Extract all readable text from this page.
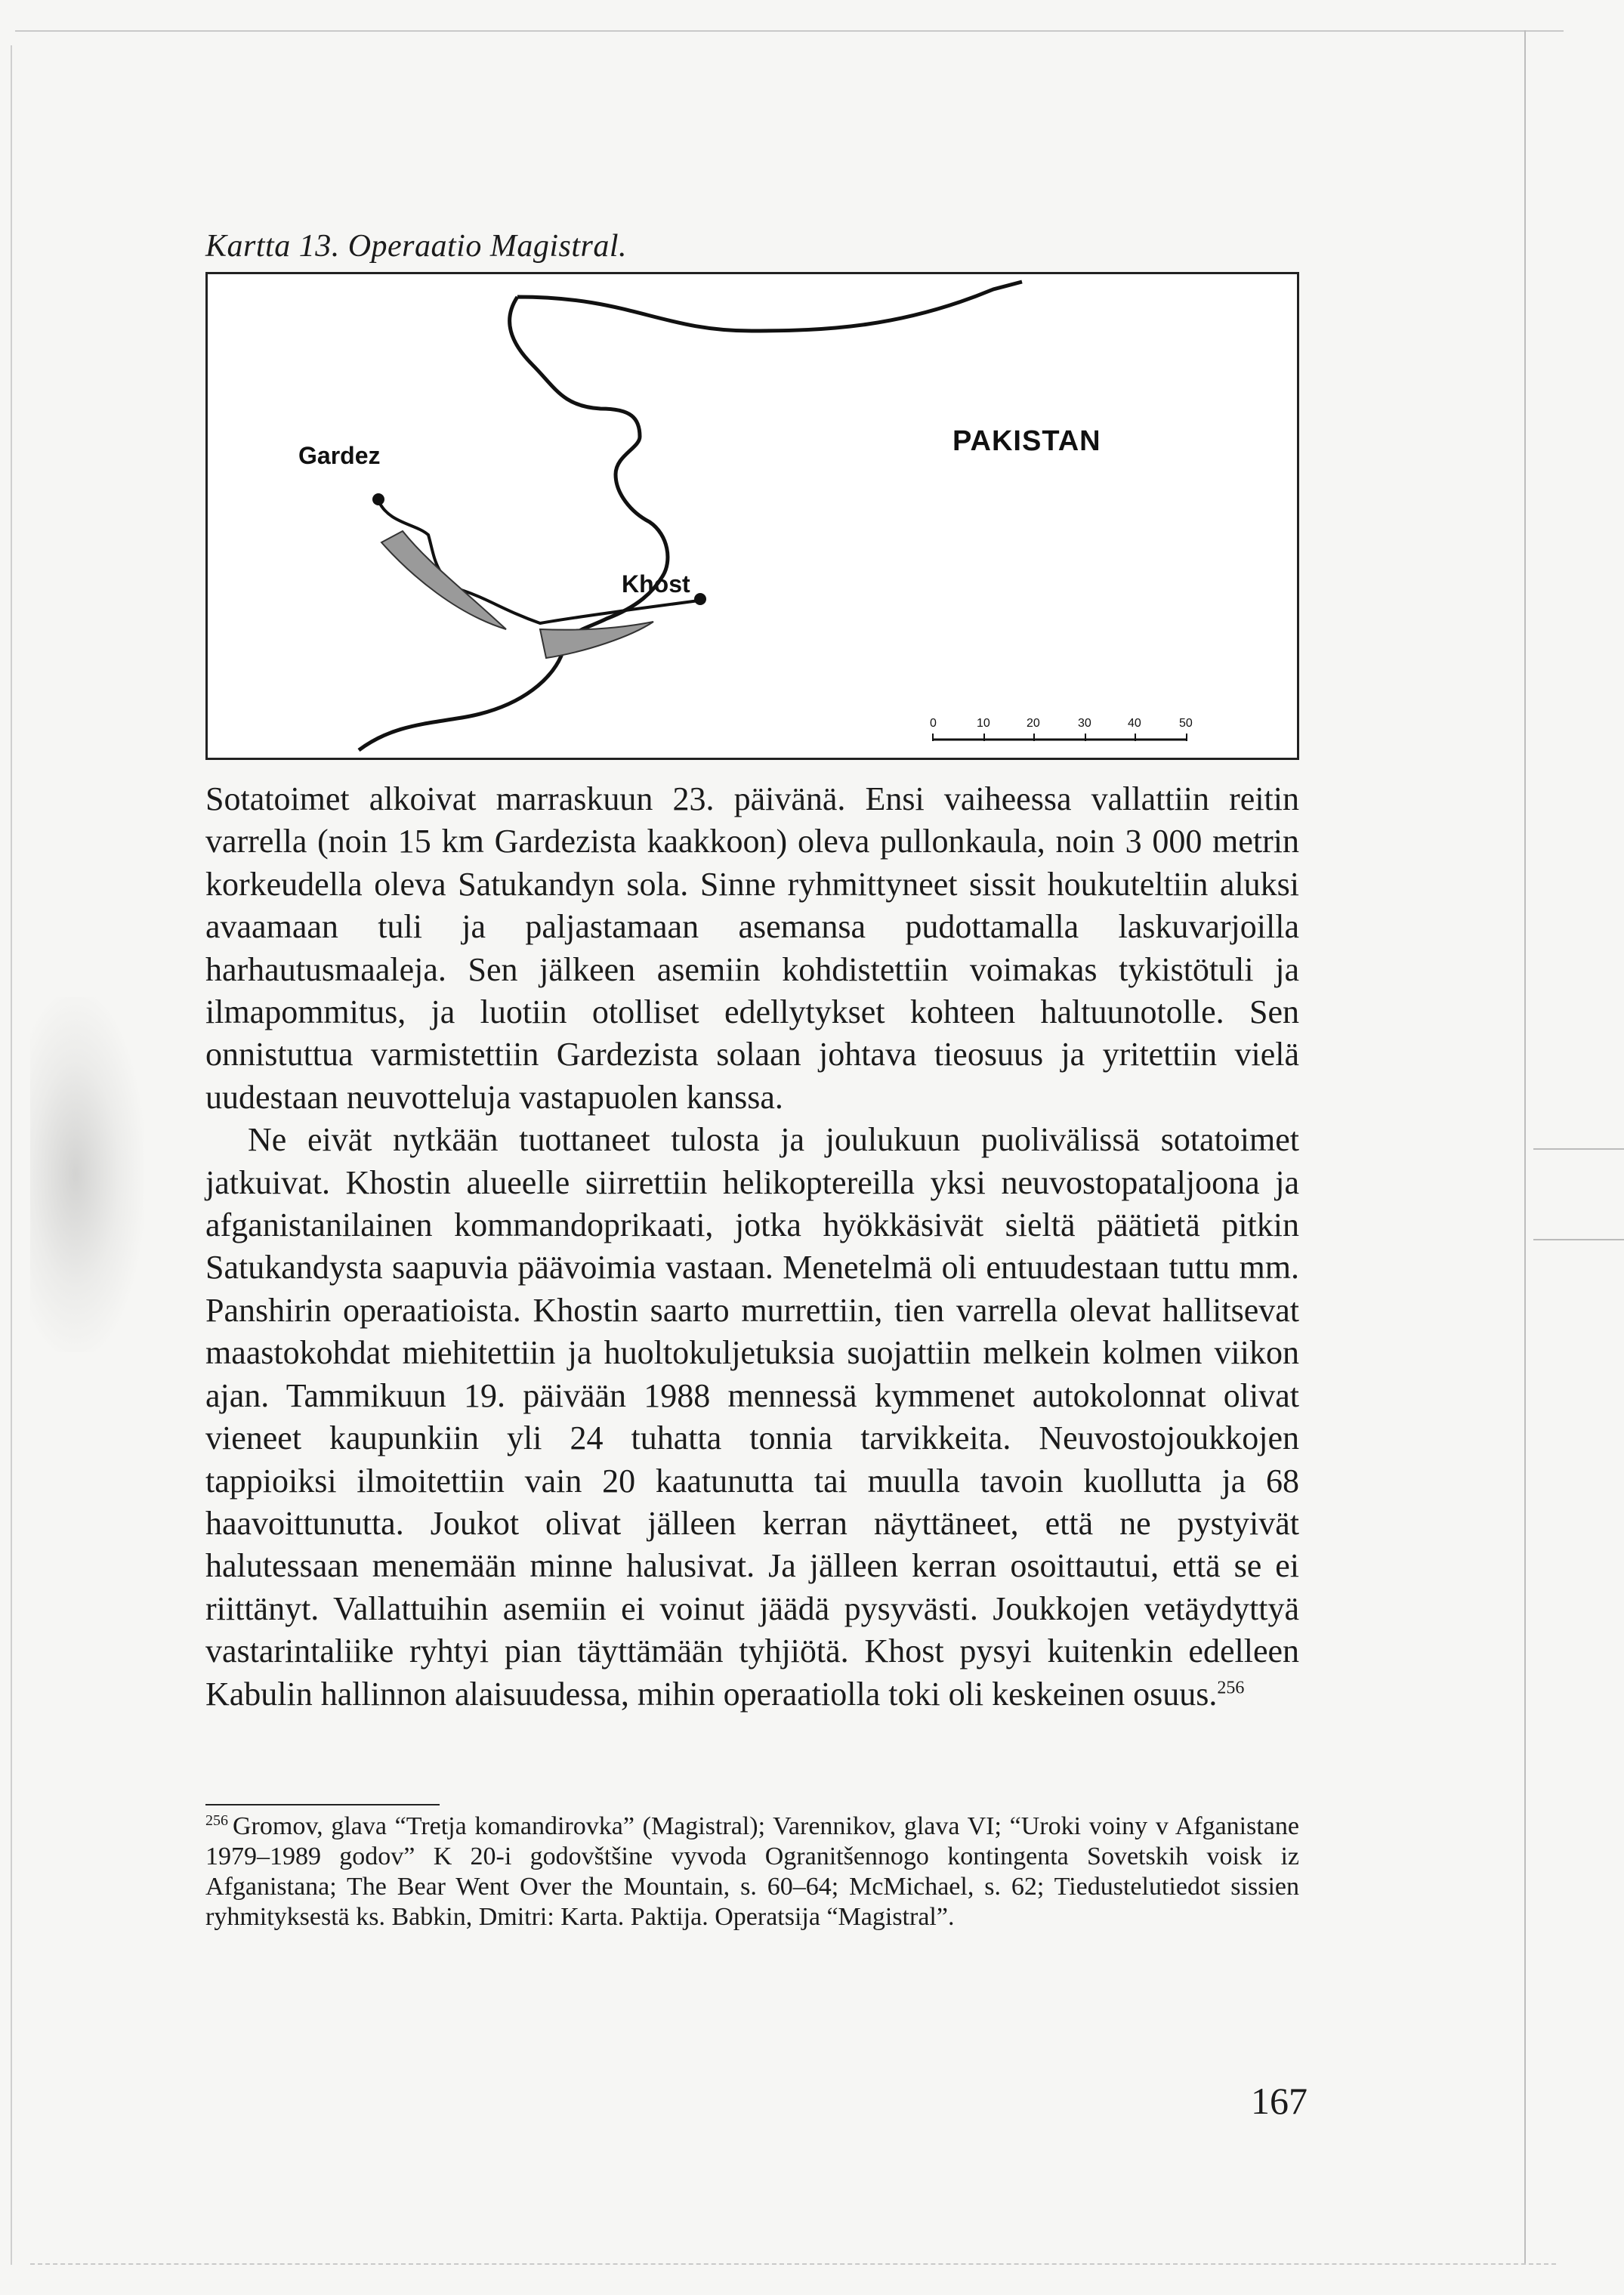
Kartta 13. Operaatio Magistral.
Gardez
Khost
PAKISTAN
0	10	20	30	40	50

Sotatoimet alkoivat marraskuun 23. päivänä. Ensi vaiheessa vallattiin reitin varrella (noin 15 km Gardezista kaakkoon) oleva pullonkaula, noin 3 000 metrin korkeudella oleva Satukandyn sola. Sinne ryhmittyneet sissit houkuteltiin aluksi avaamaan tuli ja paljastamaan asemansa pudottamalla laskuvarjoilla harhautusmaaleja. Sen jälkeen asemiin kohdistettiin voimakas tykistötuli ja ilmapommitus, ja luotiin otolliset edellytykset kohteen haltuunotolle. Sen onnistuttua varmistettiin Gardezista solaan johtava tieosuus ja yritettiin vielä uudestaan neuvotteluja vastapuolen kanssa.

Ne eivät nytkään tuottaneet tulosta ja joulukuun puolivälissä sotatoimet jatkuivat. Khostin alueelle siirrettiin helikoptereilla yksi neuvostopataljoona ja afganistanilainen kommandoprikaati, jotka hyökkäsivät sieltä päätietä pitkin Satukandysta saapuvia päävoimia vastaan. Menetelmä oli entuudestaan tuttu mm. Panshirin operaatioista. Khostin saarto murrettiin, tien varrella olevat hallitsevat maastokohdat miehitettiin ja huoltokuljetuksia suojattiin melkein kolmen viikon ajan. Tammikuun 19. päivään 1988 mennessä kymmenet autokolonnat olivat vieneet kaupunkiin yli 24 tuhatta tonnia tarvikkeita. Neuvostojoukkojen tappioiksi ilmoitettiin vain 20 kaatunutta tai muulla tavoin kuollutta ja 68 haavoittunutta. Joukot olivat jälleen kerran näyttäneet, että ne pystyivät halutessaan menemään minne halusivat. Ja jälleen kerran osoittautui, että se ei riittänyt. Vallattuihin asemiin ei voinut jäädä pysyvästi. Joukkojen vetäydyttyä vastarintaliike ryhtyi pian täyttämään tyhjiötä. Khost pysyi kuitenkin edelleen Kabulin hallinnon alaisuudessa, mihin operaatiolla toki oli keskeinen osuus.$^{256}$

$^{256}$ Gromov, glava “Tretja komandirovka” (Magistral); Varennikov, glava VI; “Uroki voiny v Afganistane 1979–1989 godov” K 20-i godovštšine vyvoda Ogranitšennogo kontingenta Sovetskih voisk iz Afganistana; The Bear Went Over the Mountain, s. 60–64; McMichael, s. 62; Tiedustelutiedot sissien ryhmityksestä ks. Babkin, Dmitri: Karta. Paktija. Operatsija “Magistral”.
167
